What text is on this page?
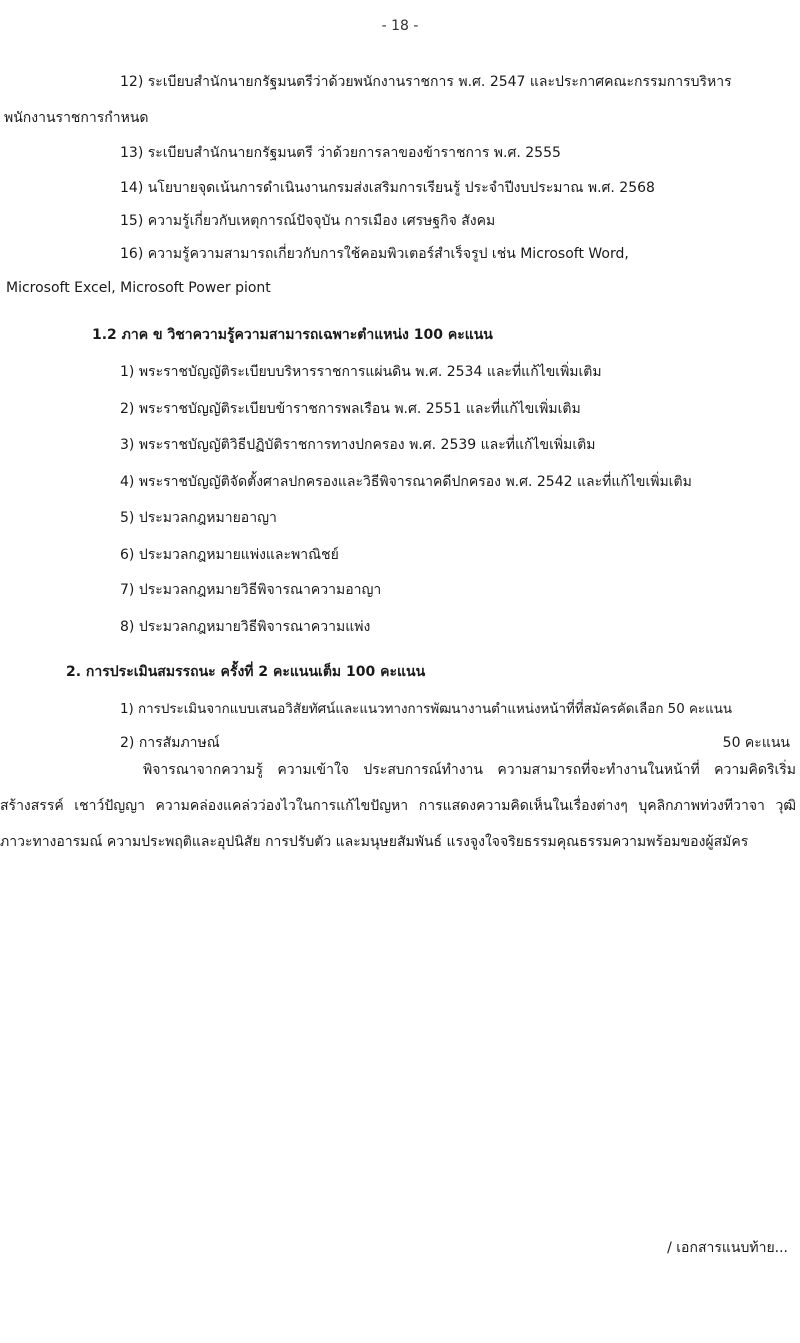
- 18 -
12) ระเบียบสำนักนายกรัฐมนตรีว่าด้วยพนักงานราชการ พ.ศ. 2547 และประกาศคณะกรรมการบริหาร
พนักงานราชการกำหนด
13) ระเบียบสำนักนายกรัฐมนตรี ว่าด้วยการลาของข้าราชการ พ.ศ. 2555
14) นโยบายจุดเน้นการดำเนินงานกรมส่งเสริมการเรียนรู้ ประจำปีงบประมาณ พ.ศ. 2568
15) ความรู้เกี่ยวกับเหตุการณ์ปัจจุบัน การเมือง เศรษฐกิจ สังคม
16) ความรู้ความสามารถเกี่ยวกับการใช้คอมพิวเตอร์สำเร็จรูป เช่น Microsoft Word,
Microsoft Excel, Microsoft Power piont
1.2 ภาค ข วิชาความรู้ความสามารถเฉพาะตำแหน่ง 100 คะแนน
1) พระราชบัญญัติระเบียบบริหารราชการแผ่นดิน พ.ศ. 2534 และที่แก้ไขเพิ่มเติม
2) พระราชบัญญัติระเบียบข้าราชการพลเรือน พ.ศ. 2551 และที่แก้ไขเพิ่มเติม
3) พระราชบัญญัติวิธีปฏิบัติราชการทางปกครอง พ.ศ. 2539 และที่แก้ไขเพิ่มเติม
4) พระราชบัญญัติจัดตั้งศาลปกครองและวิธีพิจารณาคดีปกครอง พ.ศ. 2542 และที่แก้ไขเพิ่มเติม
5) ประมวลกฎหมายอาญา
6) ประมวลกฎหมายแพ่งและพาณิชย์
7) ประมวลกฎหมายวิธีพิจารณาความอาญา
8) ประมวลกฎหมายวิธีพิจารณาความแพ่ง
2. การประเมินสมรรถนะ ครั้งที่ 2 คะแนนเต็ม 100 คะแนน
1) การประเมินจากแบบเสนอวิสัยทัศน์และแนวทางการพัฒนางานตำแหน่งหน้าที่ที่สมัครคัดเลือก 50 คะแนน
2) การสัมภาษณ์	50 คะแนน
พิจารณาจากความรู้ ความเข้าใจ ประสบการณ์ทำงาน ความสามารถที่จะทำงานในหน้าที่ ความคิดริเริ่มสร้างสรรค์ เชาว์ปัญญา ความคล่องแคล่วว่องไวในการแก้ไขปัญหา การแสดงความคิดเห็นในเรื่องต่างๆ บุคลิกภาพท่วงทีวาจา วุฒิภาวะทางอารมณ์ ความประพฤติและอุปนิสัย การปรับตัว และมนุษยสัมพันธ์ แรงจูงใจจริยธรรมคุณธรรมความพร้อมของผู้สมัคร
/ เอกสารแนบท้าย...
